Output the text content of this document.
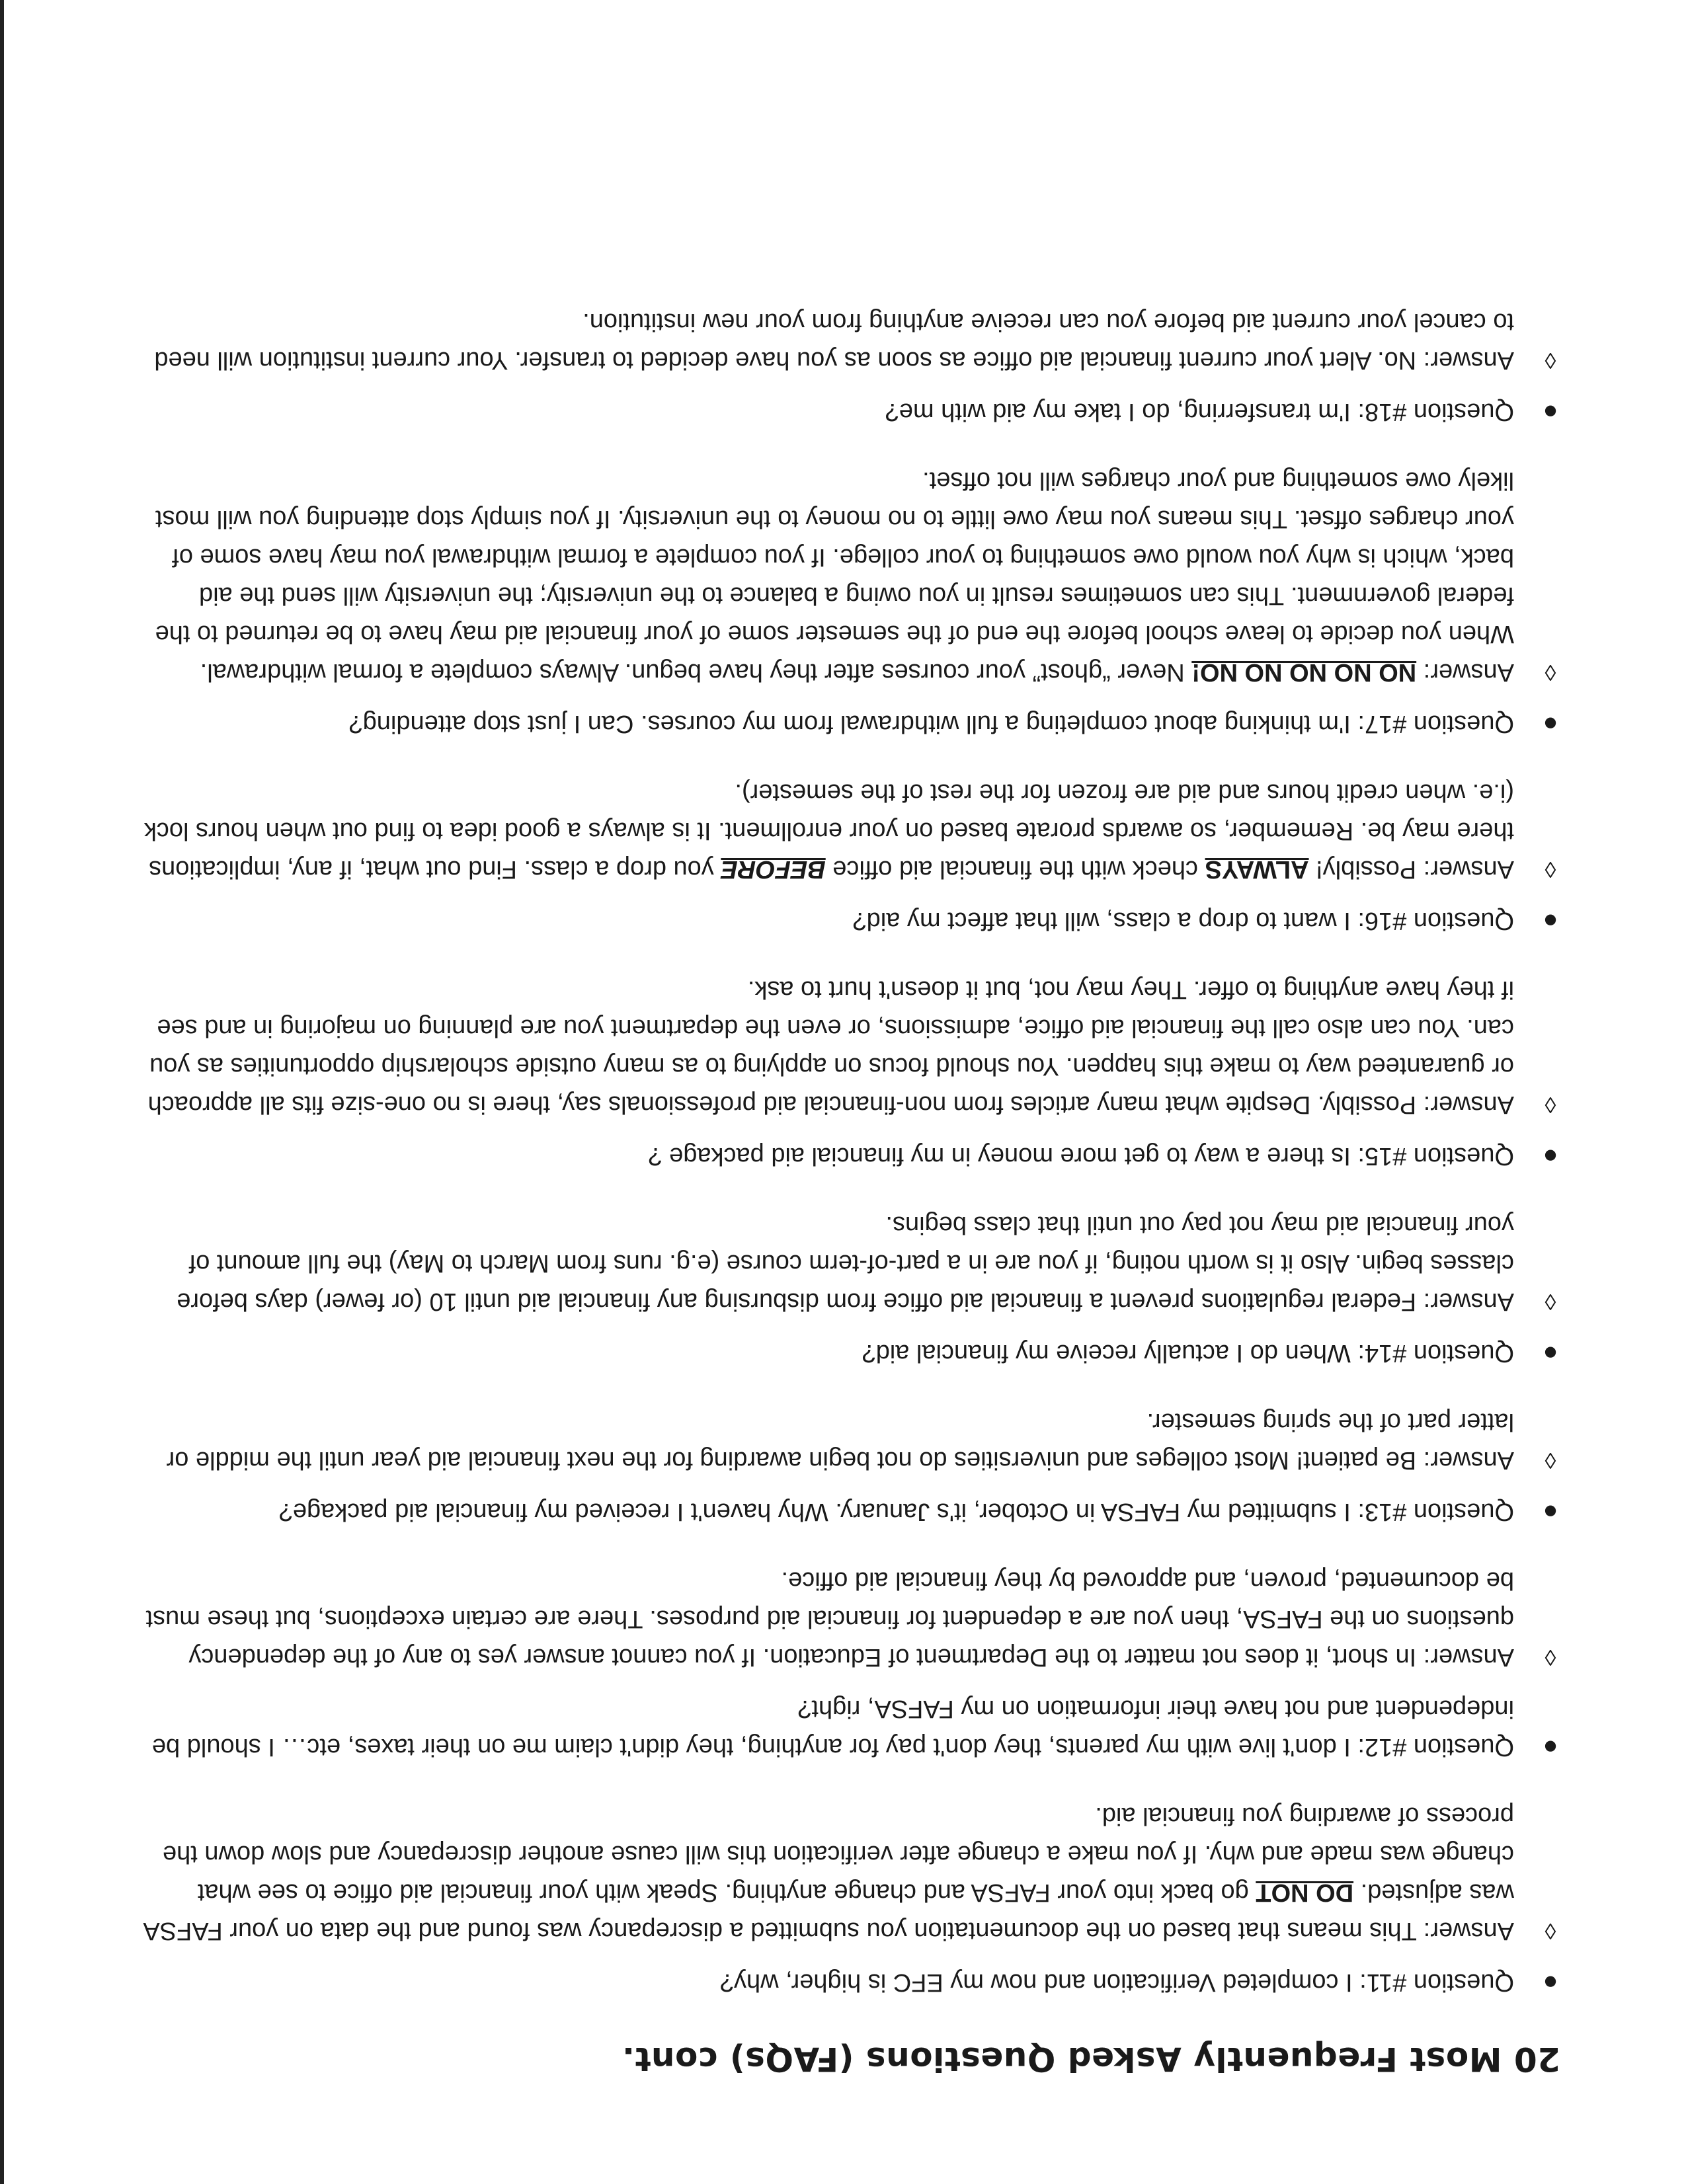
20 Most Frequently Asked Questions (FAQs) cont.

●
Question #11: I completed Verification and now my EFC is higher, why?

◊
Answer: This means that based on the documentation you submitted a discrepancy was found and the data on your FAFSA was adjusted. DO NOT go back into your FAFSA and change anything. Speak with your financial aid office to see what change was made and why. If you make a change after verification this will cause another discrepancy and slow down the process of awarding you financial aid.

●
Question #12: I don't live with my parents, they don't pay for anything, they didn't claim me on their taxes, etc… I should be independent and not have their information on my FAFSA, right?

◊
Answer: In short, it does not matter to the Department of Education. If you cannot answer yes to any of the dependency questions on the FAFSA, then you are a dependent for financial aid purposes. There are certain exceptions, but these must be documented, proven, and approved by they financial aid office.

●
Question #13: I submitted my FAFSA in October, it's January. Why haven't I received my financial aid package?

◊
Answer: Be patient! Most colleges and universities do not begin awarding for the next financial aid year until the middle or latter part of the spring semester.

●
Question #14: When do I actually receive my financial aid?

◊
Answer: Federal regulations prevent a financial aid office from disbursing any financial aid until 10 (or fewer) days before classes begin. Also it is worth noting, if you are in a part-of-term course (e.g. runs from March to May) the full amount of your financial aid may not pay out until that class begins.

●
Question #15: Is there a way to get more money in my financial aid package ?

◊
Answer: Possibly. Despite what many articles from non-financial aid professionals say, there is no one-size fits all approach or guaranteed way to make this happen. You should focus on applying to as many outside scholarship opportunities as you can. You can also call the financial aid office, admissions, or even the department you are planning on majoring in and see if they have anything to offer. They may not, but it doesn't hurt to ask.

●
Question #16: I want to drop a class, will that affect my aid?

◊
Answer: Possibly! ALWAYS check with the financial aid office BEFORE you drop a class. Find out what, if any, implications there may be. Remember, so awards prorate based on your enrollment. It is always a good idea to find out when hours lock (i.e. when credit hours and aid are frozen for the rest of the semester).

●
Question #17: I'm thinking about completing a full withdrawal from my courses. Can I just stop attending?

◊
Answer: NO NO NO NO NO! Never “ghost” your courses after they have begun. Always complete a formal withdrawal. When you decide to leave school before the end of the semester some of your financial aid may have to be returned to the federal government. This can sometimes result in you owing a balance to the university; the university will send the aid back, which is why you would owe something to your college. If you complete a formal withdrawal you may have some of your charges offset. This means you may owe little to no money to the university. If you simply stop attending you will most likely owe something and your charges will not offset.

●
Question #18: I'm transferring, do I take my aid with me?

◊
Answer: No. Alert your current financial aid office as soon as you have decided to transfer. Your current institution will need to cancel your current aid before you can receive anything from your new institution.
